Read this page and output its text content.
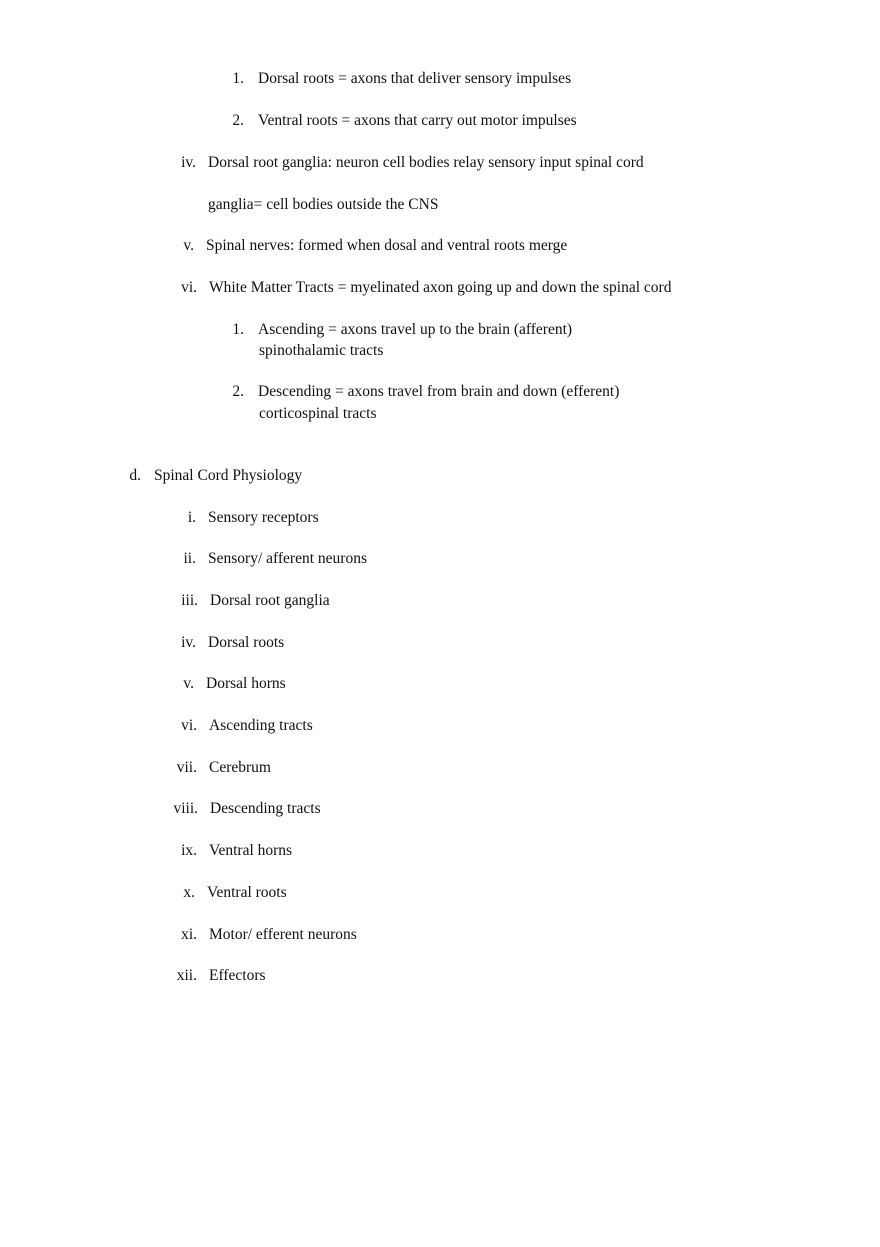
1. Dorsal roots = axons that deliver sensory impulses
2. Ventral roots = axons that carry out motor impulses
iv. Dorsal root ganglia: neuron cell bodies relay sensory input spinal cord
ganglia= cell bodies outside the CNS
v. Spinal nerves: formed when dosal and ventral roots merge
vi. White Matter Tracts = myelinated axon going up and down the spinal cord
1. Ascending = axons travel up to the brain (afferent)
spinothalamic tracts
2. Descending = axons travel from brain and down (efferent)
corticospinal tracts
d. Spinal Cord Physiology
i. Sensory receptors
ii. Sensory/ afferent neurons
iii. Dorsal root ganglia
iv. Dorsal roots
v. Dorsal horns
vi. Ascending tracts
vii. Cerebrum
viii. Descending tracts
ix. Ventral horns
x. Ventral roots
xi. Motor/ efferent neurons
xii. Effectors
